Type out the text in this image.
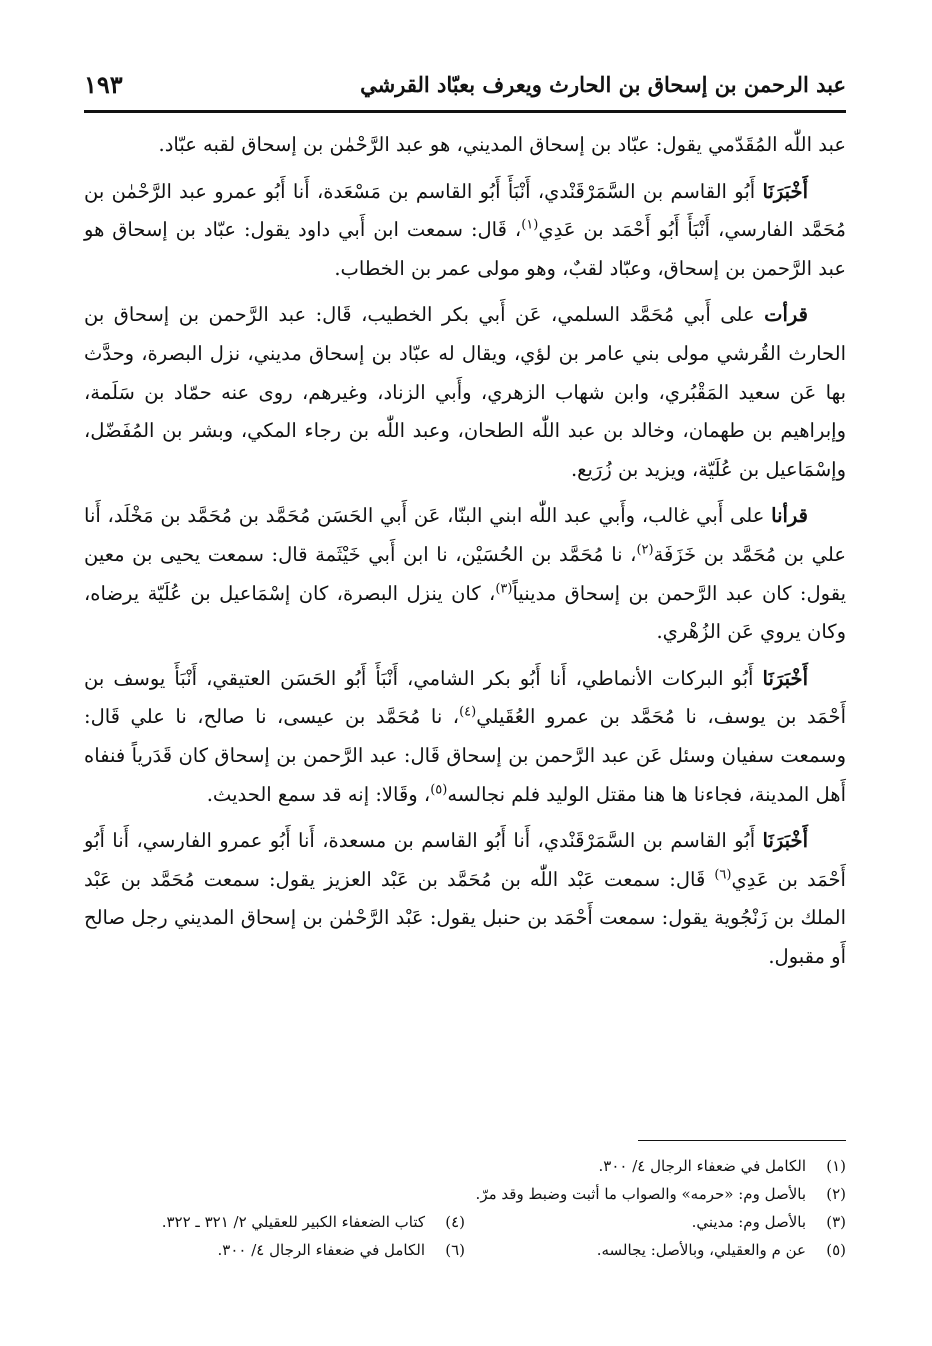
عبد الرحمن بن إسحاق بن الحارث ويعرف بعبّاد القرشي
١٩٣

عبد اللّٰه المُقَدّمي يقول: عبّاد بن إسحاق المديني، هو عبد الرَّحْمٰن بن إسحاق لقبه عبّاد.

أَخْبَرَنَا أَبُو القاسم بن السَّمَرْقَنْدي، أَنْبَأَ أَبُو القاسم بن مَسْعَدة، أَنا أَبُو عمرو عبد الرَّحْمٰن بن مُحَمَّد الفارسي، أَنْبَأَ أَبُو أَحْمَد بن عَدِي$^{(١)}$، قَال: سمعت ابن أَبي داود يقول: عبّاد بن إسحاق هو عبد الرَّحمن بن إسحاق، وعبّاد لقبٌ، وهو مولى عمر بن الخطاب.

قرأت على أَبي مُحَمَّد السلمي، عَن أَبي بكر الخطيب، قَال: عبد الرَّحمن بن إسحاق بن الحارث القُرشي مولى بني عامر بن لؤي، ويقال له عبّاد بن إسحاق مديني، نزل البصرة، وحدَّث بها عَن سعيد المَقْبُري، وابن شهاب الزهري، وأَبي الزناد، وغيرهم، روى عنه حمّاد بن سَلَمة، وإبراهيم بن طهمان، وخالد بن عبد اللّٰه الطحان، وعبد اللّٰه بن رجاء المكي، وبشر بن المُفَضّل، وإسْمَاعيل بن عُلَيّة، ويزيد بن زُرَيع.

قرأنا على أَبي غالب، وأَبي عبد اللّٰه ابني البنّا، عَن أَبي الحَسَن مُحَمَّد بن مُحَمَّد بن مَخْلَد، أَنا علي بن مُحَمَّد بن خَزَفَة$^{(٢)}$، نا مُحَمَّد بن الحُسَيْن، نا ابن أَبي خَيْثَمة قال: سمعت يحيى بن معين يقول: كان عبد الرَّحمن بن إسحاق مدينياً$^{(٣)}$، كان ينزل البصرة، كان إسْمَاعيل بن عُلَيّة يرضاه، وكان يروي عَن الزُهْري.

أَخْبَرَنَا أَبُو البركات الأنماطي، أَنا أَبُو بكر الشامي، أَنْبَأَ أَبُو الحَسَن العتيقي، أَنْبَأَ يوسف بن أَحْمَد بن يوسف، نا مُحَمَّد بن عمرو العُقَيلي$^{(٤)}$، نا مُحَمَّد بن عيسى، نا صالح، نا علي قَال: وسمعت سفيان وسئل عَن عبد الرَّحمن بن إسحاق قَال: عبد الرَّحمن بن إسحاق كان قَدَرياً فنفاه أَهل المدينة، فجاءنا ها هنا مقتل الوليد فلم نجالسه$^{(٥)}$، وقَالا: إنه قد سمع الحديث.

أَخْبَرَنَا أَبُو القاسم بن السَّمَرْقَنْدي، أَنا أَبُو القاسم بن مسعدة، أَنا أَبُو عمرو الفارسي، أَنا أَبُو أَحْمَد بن عَدِي$^{(٦)}$ قَال: سمعت عَبْد اللّٰه بن مُحَمَّد بن عَبْد العزيز يقول: سمعت مُحَمَّد بن عَبْد الملك بن زَنْجُوية يقول: سمعت أَحْمَد بن حنبل يقول: عَبْد الرَّحْمٰن بن إسحاق المديني رجل صالح أَو مقبول.

(١)
الكامل في ضعفاء الرجال ٤/ ٣٠٠.
(٢)
بالأصل وم: «حرمه» والصواب ما أثبت وضبط وقد مرّ.
(٣)
بالأصل وم: مديني.
(٤)
كتاب الضعفاء الكبير للعقيلي ٢/ ٣٢١ ـ ٣٢٢.
(٥)
عن م والعقيلي، وبالأصل: يجالسه.
(٦)
الكامل في ضعفاء الرجال ٤/ ٣٠٠.
